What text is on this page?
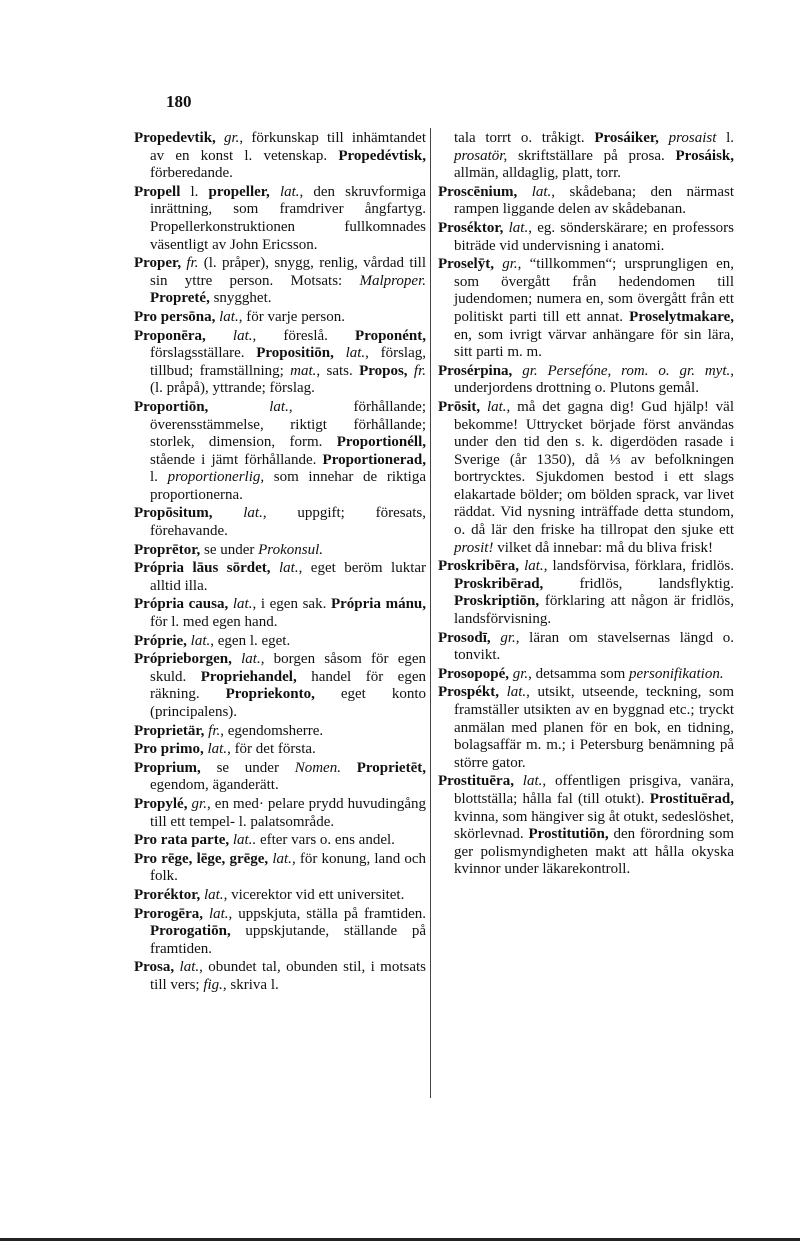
180

Propedevtik, gr., förkunskap till inhämtandet av en konst l. vetenskap. Propedévtisk, förberedande.

Propell l. propeller, lat., den skruvformiga inrättning, som framdriver ångfartyg. Propellerkonstruktionen fullkomnades väsentligt av John Ericsson.

Proper, fr. (l. pråper), snygg, renlig, vårdad till sin yttre person. Motsats: Malproper. Propreté, snygghet.

Pro persōna, lat., för varje person.

Proponēra, lat., föreslå. Proponént, förslagsställare. Propositiōn, lat., förslag, tillbud; framställning; mat., sats. Propos, fr. (l. pråpå), yttrande; förslag.

Proportiōn,	lat., förhållande; överensstämmelse, riktigt förhållande; storlek, dimension, form. Proportionéll, stående i jämt förhållande. Proportionerad, l. proportionerlig, som innehar de riktiga proportionerna.

Propōsitum, lat., uppgift; föresats, förehavande.

Proprētor, se under Prokonsul.

Própria lāus sōrdet, lat., eget beröm luktar alltid illa.

Própria causa, lat., i egen sak. Própria mánu, för l. med egen hand.

Próprie, lat., egen l. eget.

Próprieborgen, lat., borgen såsom för egen skuld. Propriehandel, handel för egen räkning. Propriekonto, eget konto (principalens).

Proprietär, fr., egendomsherre.

Pro primo, lat., för det första.

Proprium, se under Nomen. Proprietēt, egendom, äganderätt.

Propylé, gr., en med· pelare prydd huvudingång till ett tempel- l. palatsområde.

Pro rata parte, lat.. efter vars o. ens andel.

Pro rēge, lēge, grēge, lat., för konung, land och folk.

Proréktor, lat., vicerektor vid ett universitet.

Prorogēra, lat., uppskjuta, ställa på framtiden. Prorogatiōn, uppskjutande, ställande på framtiden.

Prosa, lat., obundet tal, obunden stil, i motsats till vers; fig., skriva l.

tala torrt o. tråkigt. Prosáiker, prosaist l. prosatör, skriftställare på prosa. Prosáisk, allmän, alldaglig, platt, torr.

Proscēnium, lat., skådebana; den närmast rampen liggande delen av skådebanan.

Proséktor, lat., eg. sönderskärare; en professors biträde vid undervisning i anatomi.

Proselȳt, gr., “tillkommen“; ursprungligen en, som övergått från hedendomen till judendomen; numera en, som övergått från ett politiskt parti till ett annat. Proselytmakare, en, som ivrigt värvar anhängare för sin lära, sitt parti m. m.

Prosérpina, gr. Persefóne, rom. o. gr. myt., underjordens drottning o. Plutons gemål.

Prōsit, lat., må det gagna dig! Gud hjälp! väl bekomme! Uttrycket började först användas under den tid den s. k. digerdöden rasade i Sverige (år 1350), då ⅓ av befolkningen bortrycktes. Sjukdomen bestod i ett slags elakartade bölder; om bölden sprack, var livet räddat. Vid nysning inträffade detta stundom, o. då lär den friske ha tillropat den sjuke ett prosit! vilket då innebar: må du bliva frisk!

Proskribēra, lat., landsförvisa, förklara, fridlös. Proskribērad, fridlös, landsflyktig. Proskriptiōn, förklaring att någon är fridlös, landsförvisning.

Prosodī, gr., läran om stavelsernas längd o. tonvikt.

Prosopopé, gr., detsamma som personifikation.

Prospékt, lat., utsikt, utseende, teckning, som framställer utsikten av en byggnad etc.; tryckt anmälan med planen för en bok, en tidning, bolagsaffär m. m.; i Petersburg benämning på större gator.

Prostituēra, lat., offentligen prisgiva, vanära, blottställa; hålla fal (till otukt). Prostituērad, kvinna, som hängiver sig åt otukt, sedeslöshet, skörlevnad. Prostitutiōn, den förordning som ger polismyndigheten makt att hålla okyska kvinnor under läkarekontroll.
